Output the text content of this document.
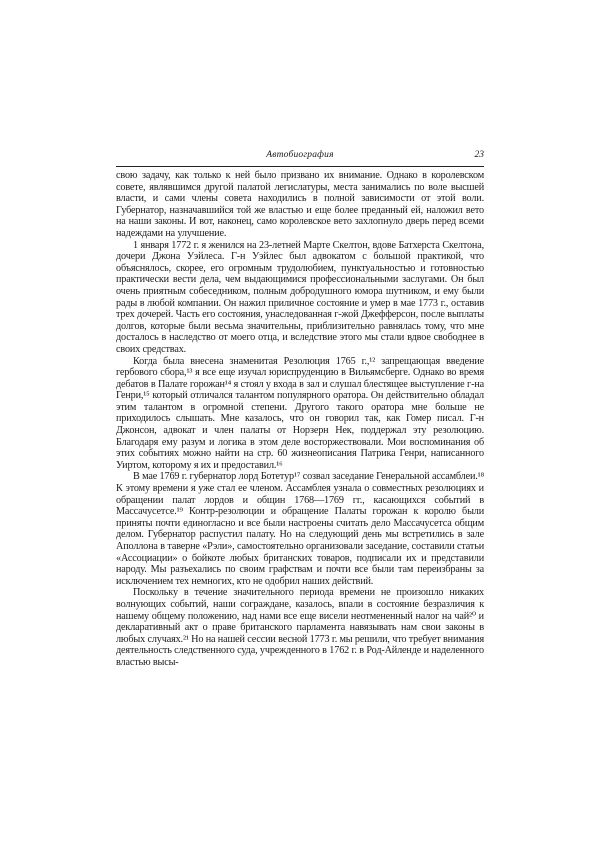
Автобиография	23

свою задачу, как только к ней было призвано их внимание. Однако в королевском совете, являвшимся другой палатой легислатуры, места занимались по воле высшей власти, и сами члены совета находились в полной зависимости от этой воли. Губернатор, назначавшийся той же властью и еще более преданный ей, наложил вето на наши законы. И вот, наконец, само королевское вето захлопнуло дверь перед всеми надеждами на улучшение.

1 января 1772 г. я женился на 23-летней Марте Скелтон, вдове Батхерста Скелтона, дочери Джона Уэйлеса. Г-н Уэйлес был адвокатом с большой практикой, что объяснялось, скорее, его огромным трудолюбием, пунктуальностью и готовностью практически вести дела, чем выдающимися профессиональными заслугами. Он был очень приятным собеседником, полным добродушного юмора шутником, и ему были рады в любой компании. Он нажил приличное состояние и умер в мае 1773 г., оставив трех дочерей. Часть его состояния, унаследованная г-жой Джефферсон, после выплаты долгов, которые были весьма значительны, приблизительно равнялась тому, что мне досталось в наследство от моего отца, и вследствие этого мы стали вдвое свободнее в своих средствах.

Когда была внесена знаменитая Резолюция 1765 г.,¹² запрещающая введение гербового сбора,¹³ я все еще изучал юриспруденцию в Вильямсберге. Однако во время дебатов в Палате горожан¹⁴ я стоял у входа в зал и слушал блестящее выступление г-на Генри,¹⁵ который отличался талантом популярного оратора. Он действительно обладал этим талантом в огромной степени. Другого такого оратора мне больше не приходилось слышать. Мне казалось, что он говорил так, как Гомер писал. Г-н Джонсон, адвокат и член палаты от Норзерн Нек, поддержал эту резолюцию. Благодаря ему разум и логика в этом деле восторжествовали. Мои воспоминания об этих событиях можно найти на стр. 60 жизнеописания Патрика Генри, написанного Уиртом, которому я их и предоставил.¹⁶

В мае 1769 г. губернатор лорд Ботетур¹⁷ созвал заседание Генеральной ассамблеи.¹⁸ К этому времени я уже стал ее членом. Ассамблея узнала о совместных резолюциях и обращении палат лордов и общин 1768—1769 гг., касающихся событий в Массачусетсе.¹⁹ Контр-резолюции и обращение Палаты горожан к королю были приняты почти единогласно и все были настроены считать дело Массачусетса общим делом. Губернатор распустил палату. Но на следующий день мы встретились в зале Аполлона в таверне «Рэли», самостоятельно организовали заседание, составили статьи «Ассоциации» о бойкоте любых британских товаров, подписали их и представили народу. Мы разъехались по своим графствам и почти все были там переизбраны за исключением тех немногих, кто не одобрил наших действий.

Поскольку в течение значительного периода времени не произошло никаких волнующих событий, наши сограждане, казалось, впали в состояние безразличия к нашему общему положению, над нами все еще висели неотмененный налог на чай²⁰ и декларативный акт о праве британского парламента навязывать нам свои законы в любых случаях.²¹ Но на нашей сессии весной 1773 г. мы решили, что требует внимания деятельность следственного суда, учрежденного в 1762 г. в Род-Айленде и наделенного властью высы-
